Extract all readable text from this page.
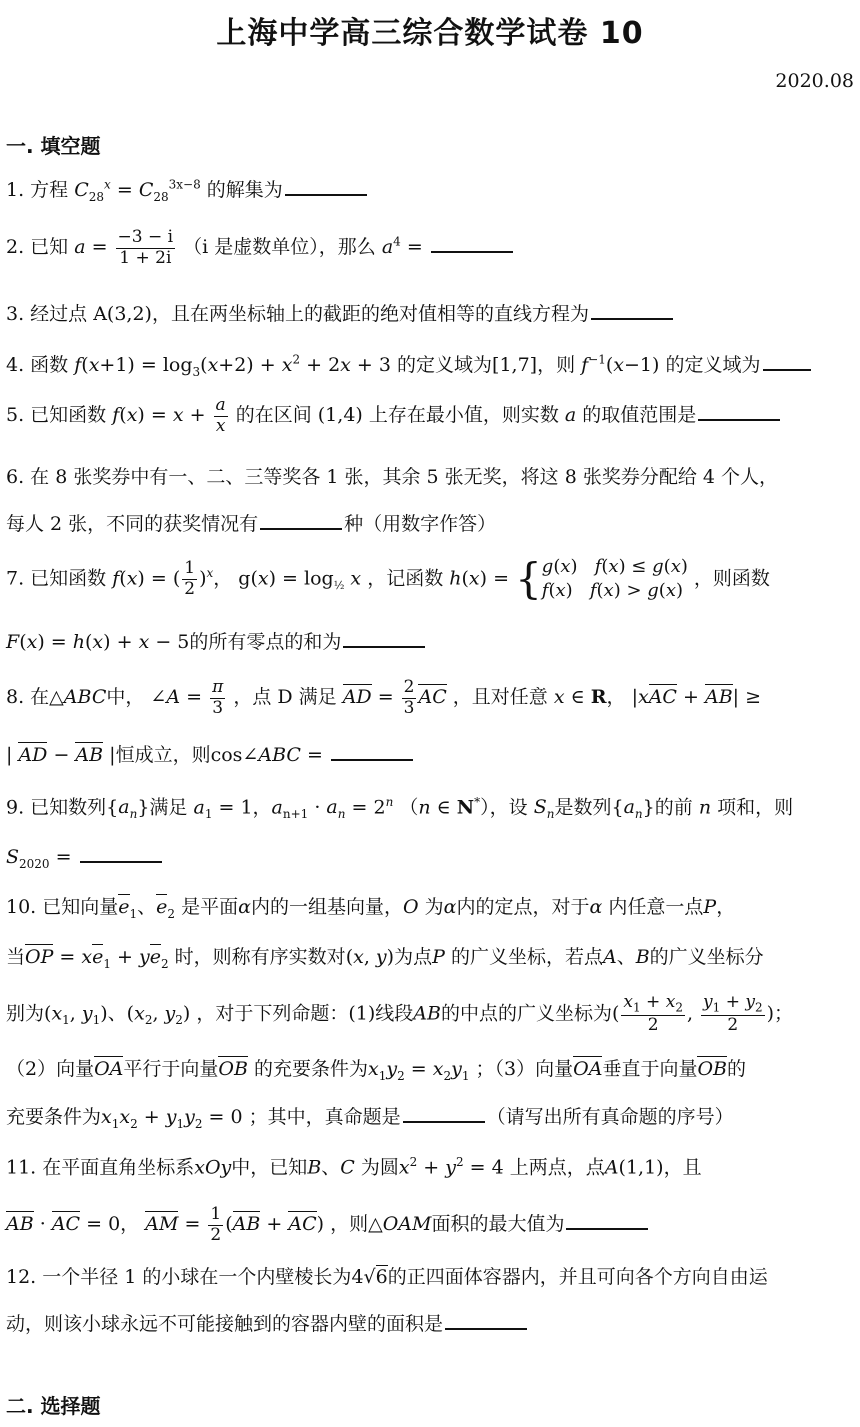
上海中学高三综合数学试卷 10
2020.08
一. 填空题
1. 方程 $C_{28}^x = C_{28}^{3x-8}$ 的解集为
2. 已知 $a = \frac{-3 - i}{1 + 2i} (i$ 是虚数单位），那么 $a^4$ =
3. 经过点 A(3,2)，且在两坐标轴上的截距的绝对值相等的直线方程为
4. 函数 $f(x+1) = \log_3(x+2) + x^2 + 2x + 3$ 的定义域为[1,7]，则 $f^{-1}(x-1)$ 的定义域为
5. 已知函数 $f(x) = x + \frac{a}{x}$ 的在区间 (1,4) 上存在最小值，则实数 a 的取值范围是
6. 在 8 张奖券中有一、二、三等奖各 1 张，其余 5 张无奖，将这 8 张奖券分配给 4 个人，
每人 2 张，不同的获奖情况有	种（用数字作答）
7. 已知函数 f(x) = ( $\frac{1}{2} )^x$， $g(x) = \log_{\frac{1}{2}} x$ ，记函数 h(x) = {g(x)   f(x) ≤ g(x)
f(x)   f(x) > g(x) ，则函数
F(x) = h(x) + x − 5的所有零点的和为
8. 在△ABC中， ∠A = $\frac{\pi}{3}$ ，点 D 满足 AD = $\frac{2}{3}$ AC ，且对任意 x ∈ R， |xAC + AB| ≥
| AD − AB |恒成立，则cos∠ABC =
9. 已知数列$\{a_n\}$满足 $a_1 = 1$，$a_{n+1} \cdot a_n = 2^n$ （n ∈ N*），设 $S_n$是数列$\{a_n\}$的前 n 项和，则
$S_{2020}$ =
10. 已知向量$e_1$、$e_2$ 是平面α内的一组基向量，O 为α内的定点，对于α 内任意一点P，
当OP = $xe_1 + ye_2$ 时，则称有序实数对(x, y)为点P 的广义坐标，若点A、B的广义坐标分
别为($x_1$, $y_1$)、($x_2$, $y_2$) ，对于下列命题：(1)线段AB的中点的广义坐标为( $\frac{x_1 + x_2}{2}$ , $\frac{y_1 + y_2}{2}$ )；
（2）向量OA平行于向量OB 的充要条件为$x_1y_2 = x_2y_1$ ；（3）向量OA垂直于向量OB的
充要条件为$x_1x_2 + y_1y_2 = 0$ ；其中，真命题是	（请写出所有真命题的序号）
11. 在平面直角坐标系xOy中，已知B、C 为圆$x^2 + y^2 = 4$ 上两点，点A(1,1)，且
AB · AC = 0， AM = $\frac{1}{2} (AB + AC)$ ，则△OAM面积的最大值为
12. 一个半径 1 的小球在一个内壁棱长为4√6的正四面体容器内，并且可向各个方向自由运
动，则该小球永远不可能接触到的容器内壁的面积是
二. 选择题
